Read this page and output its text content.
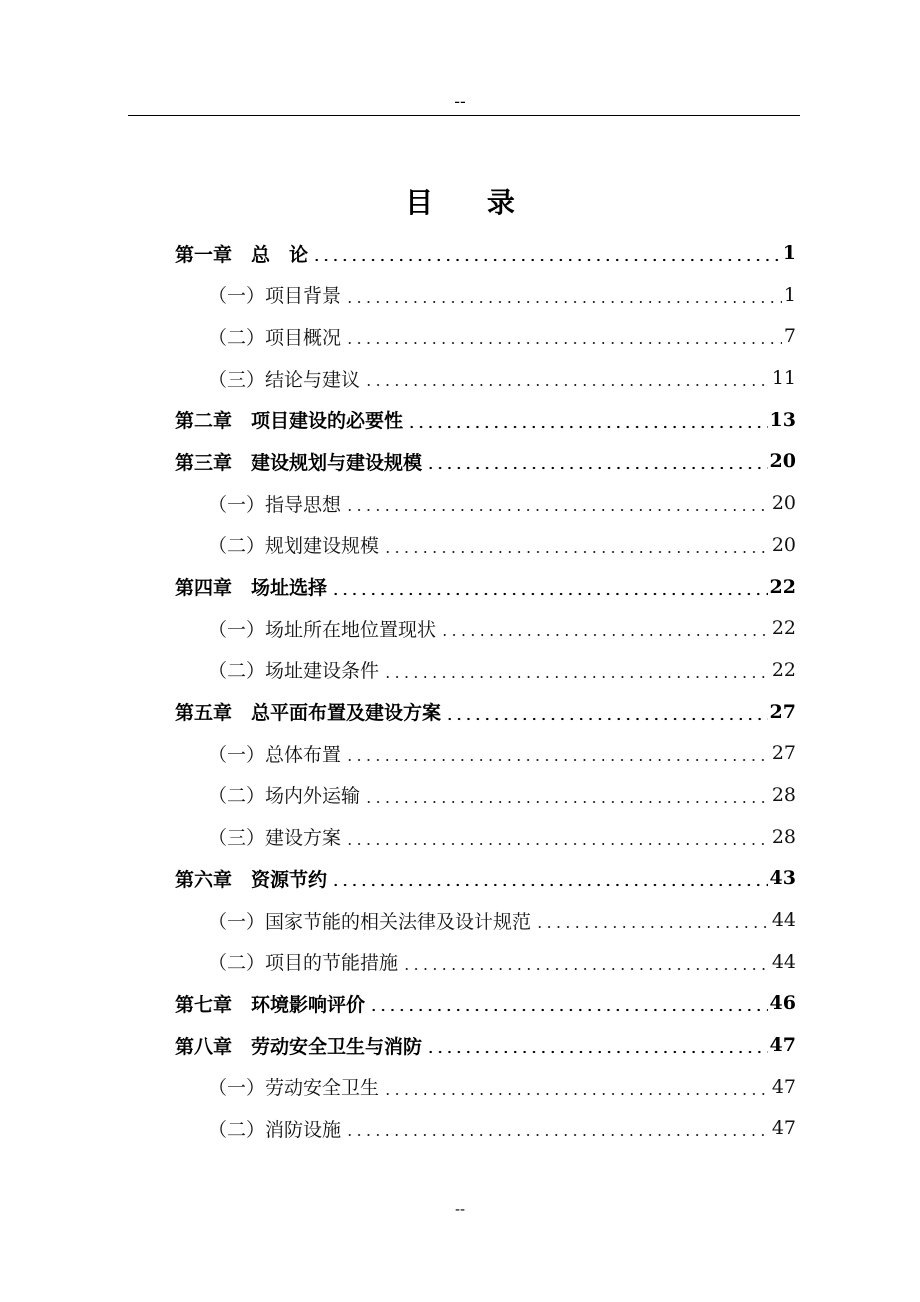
--
目 录
第一章　总　论	1
（一）项目背景	1
（二）项目概况	7
（三）结论与建议	11
第二章　项目建设的必要性	13
第三章　建设规划与建设规模	20
（一）指导思想	20
（二）规划建设规模	20
第四章　场址选择	22
（一）场址所在地位置现状	22
（二）场址建设条件	22
第五章　总平面布置及建设方案	27
（一）总体布置	27
（二）场内外运输	28
（三）建设方案	28
第六章　资源节约	43
（一）国家节能的相关法律及设计规范	44
（二）项目的节能措施	44
第七章　环境影响评价	46
第八章　劳动安全卫生与消防	47
（一）劳动安全卫生	47
（二）消防设施	47
--
